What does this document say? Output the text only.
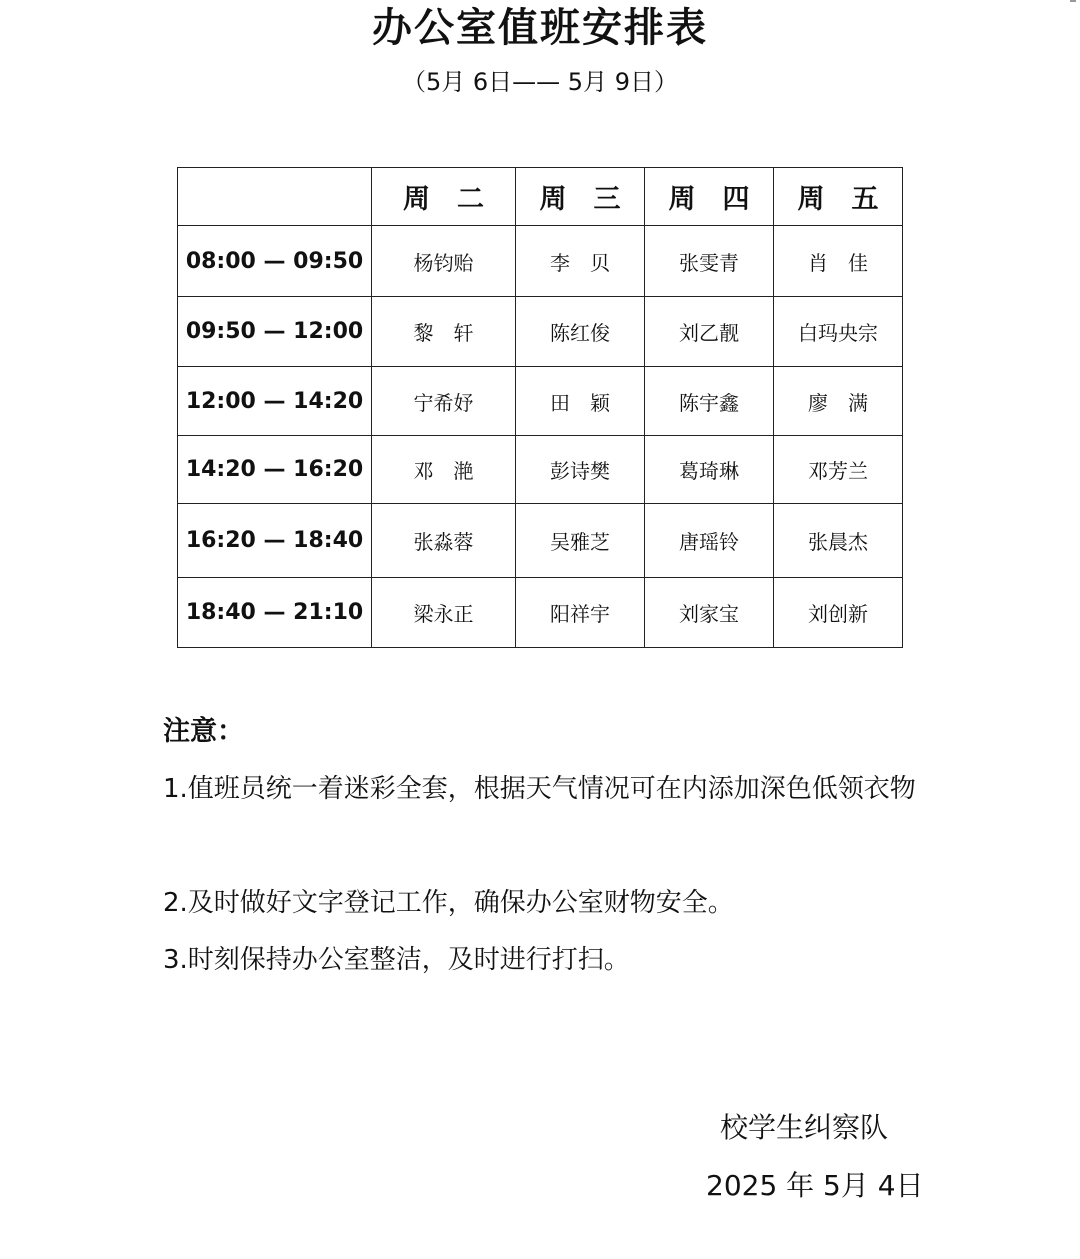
办公室值班安排表
（5月 6日—— 5月 9日）
	周　二	周　三	周　四	周　五
08:00 — 09:50	杨钧贻	李　贝	张雯青	肖　佳
09:50 — 12:00	黎　轩	陈红俊	刘乙靓	白玛央宗
12:00 — 14:20	宁希妤	田　颖	陈宇鑫	廖　满
14:20 — 16:20	邓　滟	彭诗樊	葛琦琳	邓芳兰
16:20 — 18:40	张淼蓉	吴雅芝	唐瑶铃	张晨杰
18:40 — 21:10	梁永正	阳祥宇	刘家宝	刘创新
注意：
1.值班员统一着迷彩全套，根据天气情况可在内添加深色低领衣物
2.及时做好文字登记工作，确保办公室财物安全。
3.时刻保持办公室整洁，及时进行打扫。
校学生纠察队
2025 年 5月 4日
